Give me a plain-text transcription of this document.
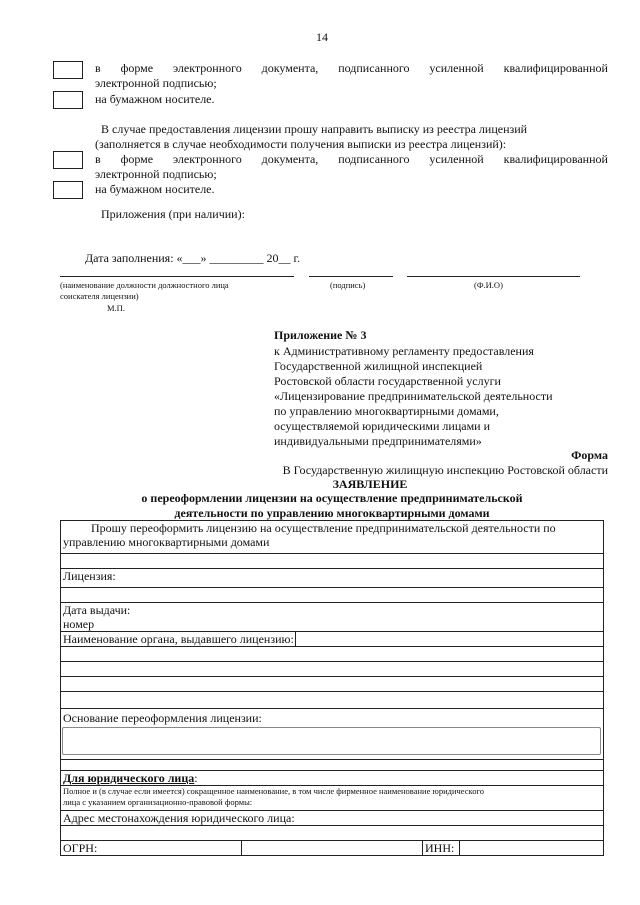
14
в форме электронного документа, подписанного усиленной квалифицированной
электронной подписью;
на бумажном носителе.
В случае предоставления лицензии прошу направить выписку из реестра лицензий
(заполняется в случае необходимости получения выписки из реестра лицензий):
в форме электронного документа, подписанного усиленной квалифицированной
электронной подписью;
на бумажном носителе.
Приложения (при наличии):
Дата заполнения: «___» _________ 20__ г.
(наименование должности должностного лица
соискателя лицензии)
(подпись)	(Ф.И.О)
М.П.
Приложение № 3
к Административному регламенту предоставления
Государственной жилищной инспекцией
Ростовской области государственной услуги
«Лицензирование предпринимательской деятельности
по управлению многоквартирными домами,
осуществляемой юридическими лицами и
индивидуальными предпринимателями»
Форма
В Государственную жилищную инспекцию Ростовской области
ЗАЯВЛЕНИЕ
о переоформлении лицензии на осуществление предпринимательской
деятельности по управлению многоквартирными домами
Прошу переоформить лицензию на осуществление предпринимательской деятельности по
управлению многоквартирными домами

Лицензия:

Дата выдачи:
номер

Наименование органа, выдавшего лицензию:

Основание переоформления лицензии:

Для юридического лица:

Полное и (в случае если имеется) сокращенное наименование, в том числе фирменное наименование юридического
лица с указанием организационно-правовой формы:

Адрес местонахождения юридического лица:

ОГРН:		ИНН:
